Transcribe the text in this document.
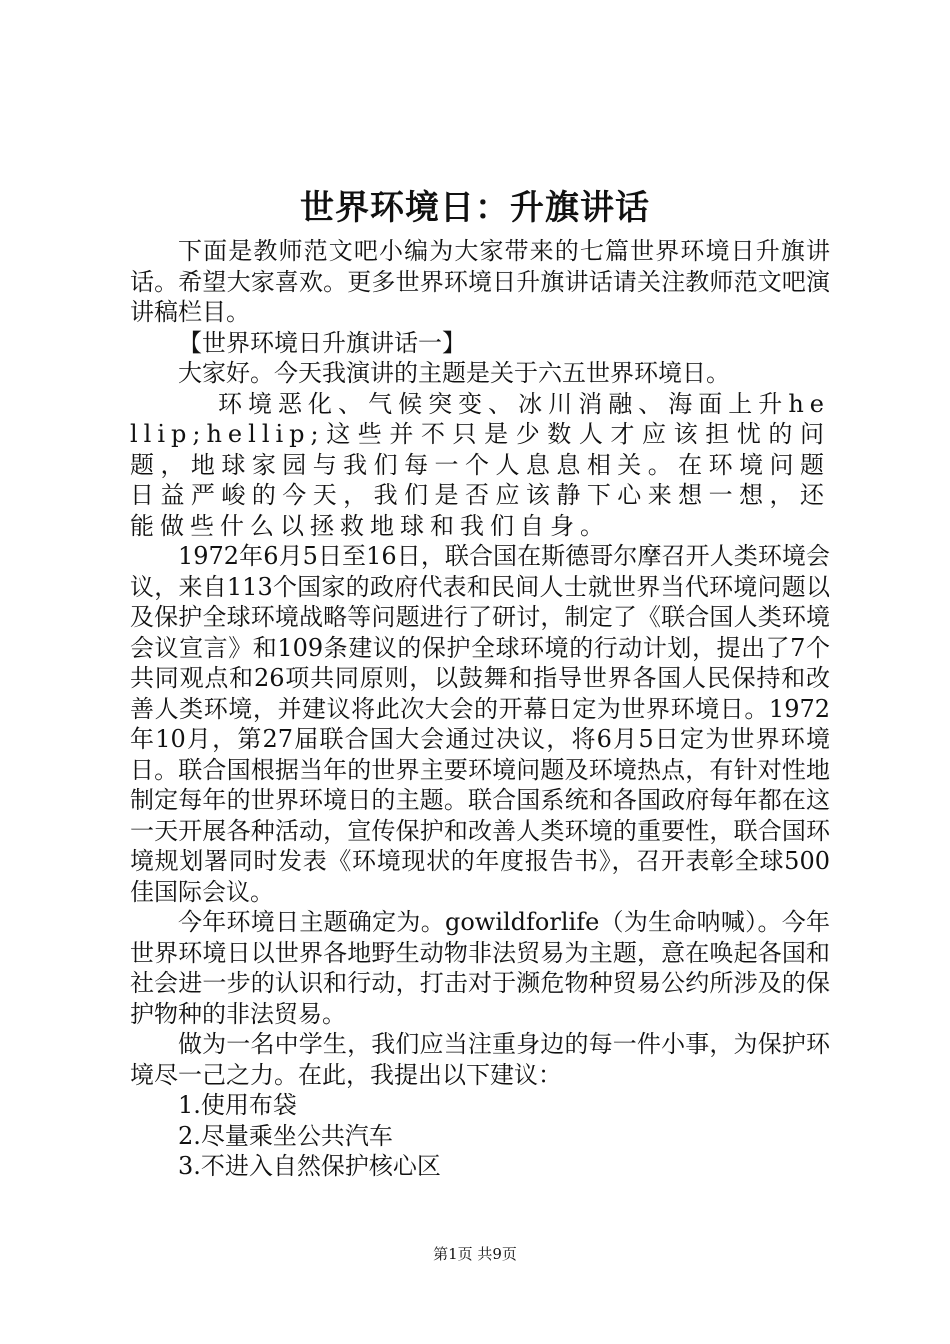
世界环境日：升旗讲话

下面是教师范文吧小编为大家带来的七篇世界环境日升旗讲话。希望大家喜欢。更多世界环境日升旗讲话请关注教师范文吧演讲稿栏目。

【世界环境日升旗讲话一】

大家好。今天我演讲的主题是关于六五世界环境日。

环境恶化、气候突变、冰川消融、海面上升hellip;hellip;这些并不只是少数人才应该担忧的问题，地球家园与我们每一个人息息相关。在环境问题日益严峻的今天，我们是否应该静下心来想一想，还能做些什么以拯救地球和我们自身。

1972年6月5日至16日，联合国在斯德哥尔摩召开人类环境会议，来自113个国家的政府代表和民间人士就世界当代环境问题以及保护全球环境战略等问题进行了研讨，制定了《联合国人类环境会议宣言》和109条建议的保护全球环境的行动计划，提出了7个共同观点和26项共同原则，以鼓舞和指导世界各国人民保持和改善人类环境，并建议将此次大会的开幕日定为世界环境日。1972年10月，第27届联合国大会通过决议，将6月5日定为世界环境日。联合国根据当年的世界主要环境问题及环境热点，有针对性地制定每年的世界环境日的主题。联合国系统和各国政府每年都在这一天开展各种活动，宣传保护和改善人类环境的重要性，联合国环境规划署同时发表《环境现状的年度报告书》，召开表彰全球500佳国际会议。

今年环境日主题确定为。gowildforlife（为生命呐喊）。今年世界环境日以世界各地野生动物非法贸易为主题，意在唤起各国和社会进一步的认识和行动，打击对于濒危物种贸易公约所涉及的保护物种的非法贸易。

做为一名中学生，我们应当注重身边的每一件小事，为保护环境尽一己之力。在此，我提出以下建议：

1.使用布袋

2.尽量乘坐公共汽车

3.不进入自然保护核心区

第1页 共9页
